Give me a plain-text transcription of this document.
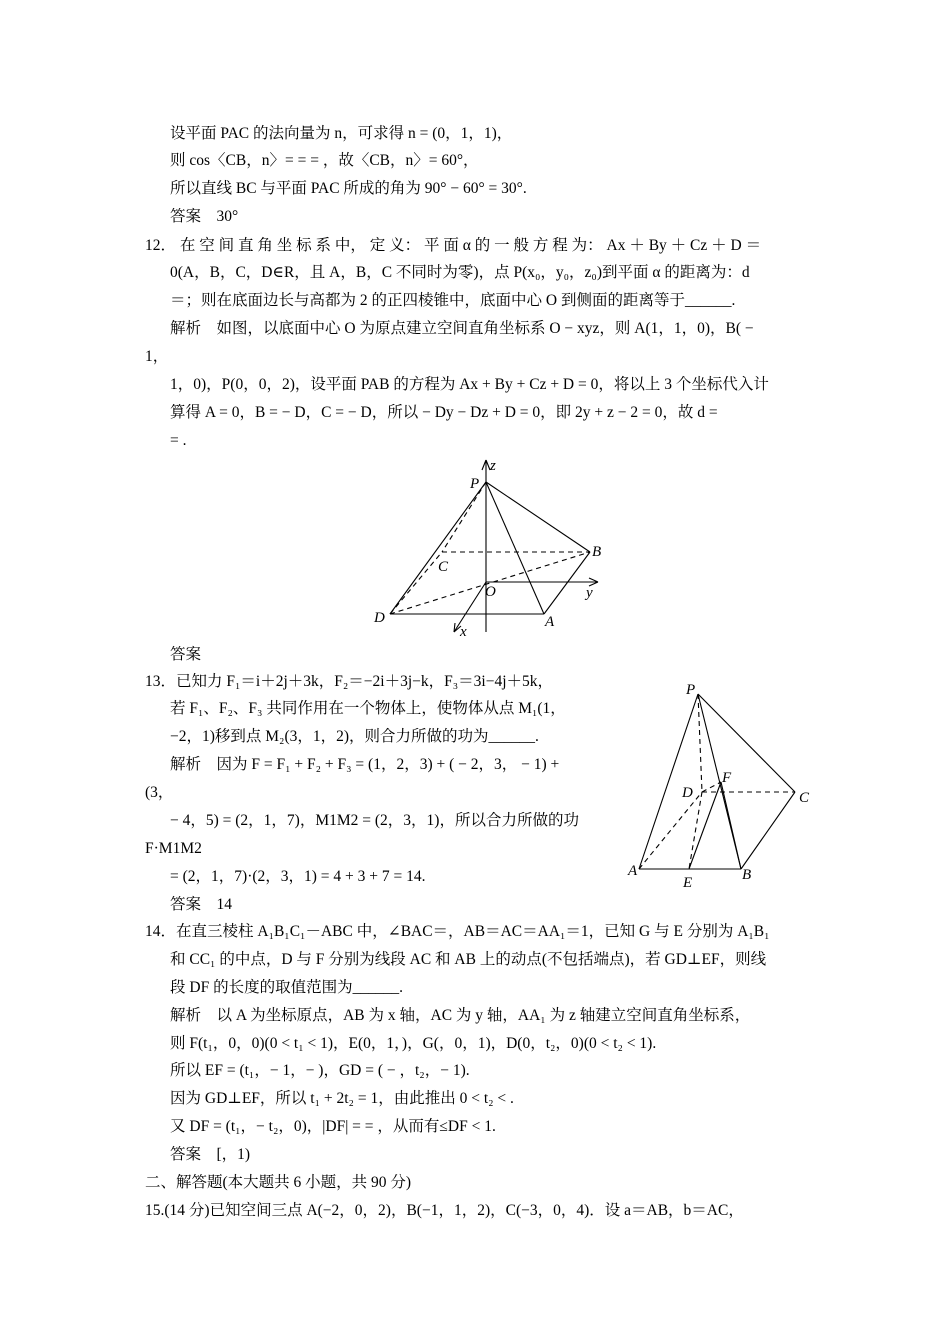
设平面 PAC 的法向量为 n，可求得 n = (0，1，1)，
则 cos〈CB，n〉= = = ，故〈CB，n〉= 60°，
所以直线 BC 与平面 PAC 所成的角为 90° − 60° = 30°.
答案　30°
12． 在 空 间 直 角 坐 标 系 中， 定 义： 平 面 α 的 一 般 方 程 为： Ax ＋ By ＋ Cz ＋ D ＝
0(A，B，C，D∈R，且 A，B，C 不同时为零)，点 P(x₀，y₀，z₀)到平面 α 的距离为：d
＝；则在底面边长与高都为 2 的正四棱锥中，底面中心 O 到侧面的距离等于______.
解析　如图，以底面中心 O 为原点建立空间直角坐标系 O − xyz，则 A(1，1，0)，B( −
1，
1，0)，P(0，0，2)，设平面 PAB 的方程为 Ax + By + Cz + D = 0，将以上 3 个坐标代入计
算得 A = 0，B = − D，C = − D，所以 − Dy − Dz + D = 0，即 2y + z − 2 = 0，故 d =
= .
z
P
B
C
O	y
D	A
x
答案
13．已知力 F₁＝i＋2j＋3k，F₂＝−2i＋3j−k，F₃＝3i−4j＋5k，
若 F₁、F₂、F₃ 共同作用在一个物体上，使物体从点 M₁(1，
−2，1)移到点 M₂(3，1，2)，则合力所做的功为______.
解析　因为 F = F₁ + F₂ + F₃ = (1，2，3) + ( − 2，3， − 1) +
(3，
− 4，5) = (2，1，7)，M1M2 = (2，3，1)，所以合力所做的功
F·M1M2
= (2，1，7)·(2，3，1) = 4 + 3 + 7 = 14.
答案　14
P
F
D	C
A
E	B
14．在直三棱柱 A₁B₁C₁－ABC 中，∠BAC＝，AB＝AC＝AA₁＝1，已知 G 与 E 分别为 A₁B₁
和 CC₁ 的中点，D 与 F 分别为线段 AC 和 AB 上的动点(不包括端点)，若 GD⊥EF，则线
段 DF 的长度的取值范围为______.
解析　以 A 为坐标原点，AB 为 x 轴，AC 为 y 轴，AA₁ 为 z 轴建立空间直角坐标系，
则 F(t₁，0，0)(0 < t₁ < 1)，E(0，1，)，G(，0，1)，D(0，t₂，0)(0 < t₂ < 1).
所以 EF = (t₁，− 1，− )，GD = ( − ，t₂，− 1).
因为 GD⊥EF，所以 t₁ + 2t₂ = 1，由此推出 0 < t₂ < .
又 DF = (t₁，− t₂，0)，|DF| = = ，从而有≤DF < 1.
答案　[，1)
二、解答题(本大题共 6 小题，共 90 分)
15.(14 分)已知空间三点 A(−2，0，2)，B(−1，1，2)，C(−3，0，4)．设 a＝AB，b＝AC，
